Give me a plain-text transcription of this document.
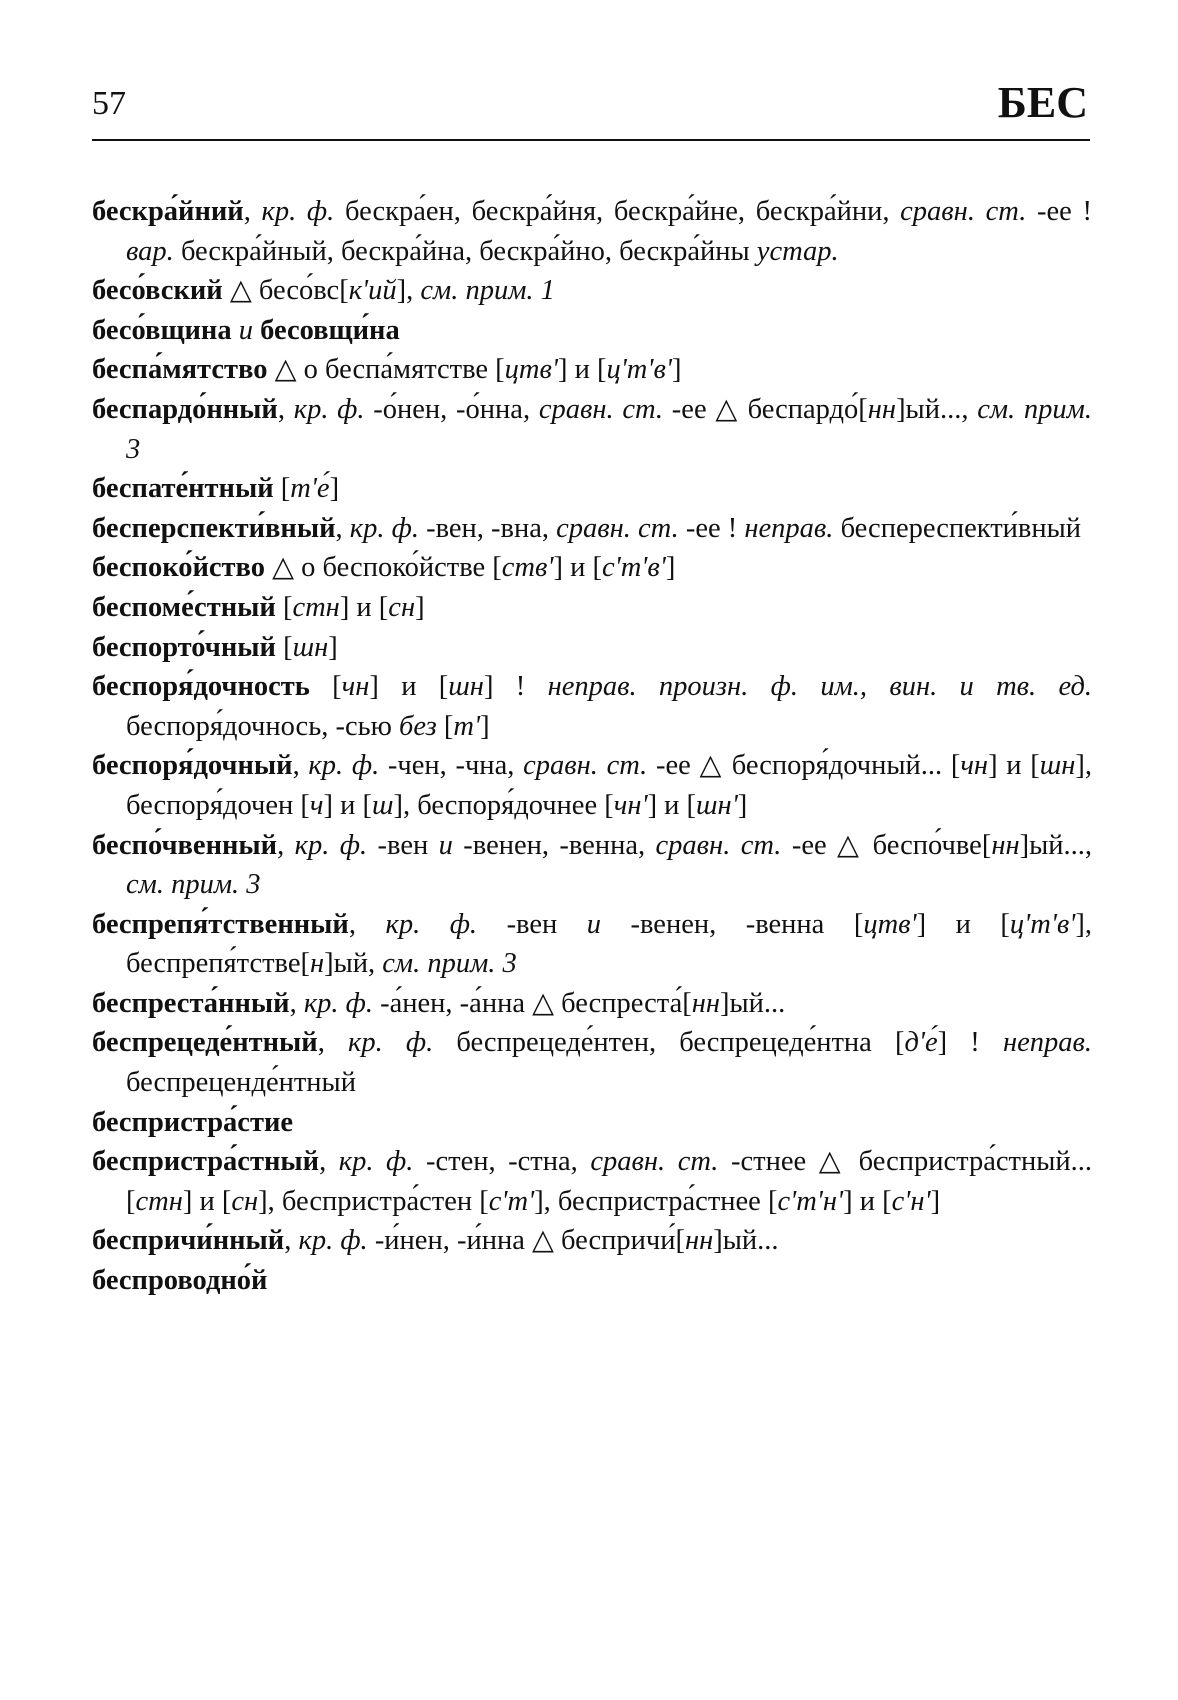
57	БЕС

бескра́йний, кр. ф. бескра́ен, бескра́йня, бескра́йне, бескра́йни, сравн. ст. -ее ! вар. бескра́йный, бескра́йна, бескра́йно, бескра́йны устар.

бесо́вский △ бесо́вс[к'ий], см. прим. 1

бесо́вщина и бесовщи́на

беспа́мятство △ о беспа́мятстве [цтв'] и [ц'т'в']

беспардо́нный, кр. ф. -о́нен, -о́нна, сравн. ст. -ее △ беспардо́[нн]ый..., см. прим. 3

беспате́нтный [т'е́]

бесперспекти́вный, кр. ф. -вен, -вна, сравн. ст. -ее ! неправ. беспереспекти́вный

беспоко́йство △ о беспоко́йстве [ств'] и [с'т'в']

беспоме́стный [стн] и [сн]

беспорто́чный [шн]

беспоря́дочность [чн] и [шн] ! неправ. произн. ф. им., вин. и тв. ед. беспоря́дочнось, -сью без [т']

беспоря́дочный, кр. ф. -чен, -чна, сравн. ст. -ее △ беспоря́дочный... [чн] и [шн], беспоря́дочен [ч] и [ш], беспоря́дочнее [чн'] и [шн']

беспо́чвенный, кр. ф. -вен и -венен, -венна, сравн. ст. -ее △ беспо́чве[нн]ый..., см. прим. 3

беспрепя́тственный, кр. ф. -вен и -венен, -венна [цтв'] и [ц'т'в'], беспрепя́тстве[н]ый, см. прим. 3

беспреста́нный, кр. ф. -а́нен, -а́нна △ беспреста́[нн]ый...

беспрецеде́нтный, кр. ф. беспрецеде́нтен, беспрецеде́нтна [д'е́] ! неправ. беспреценде́нтный

беспристра́стие

беспристра́стный, кр. ф. -стен, -стна, сравн. ст. -стнее △ беспристра́стный... [стн] и [сн], беспристра́стен [с'т'], беспристра́стнее [с'т'н'] и [с'н']

беспричи́нный, кр. ф. -и́нен, -и́нна △ беспричи́[нн]ый...

беспроводно́й
